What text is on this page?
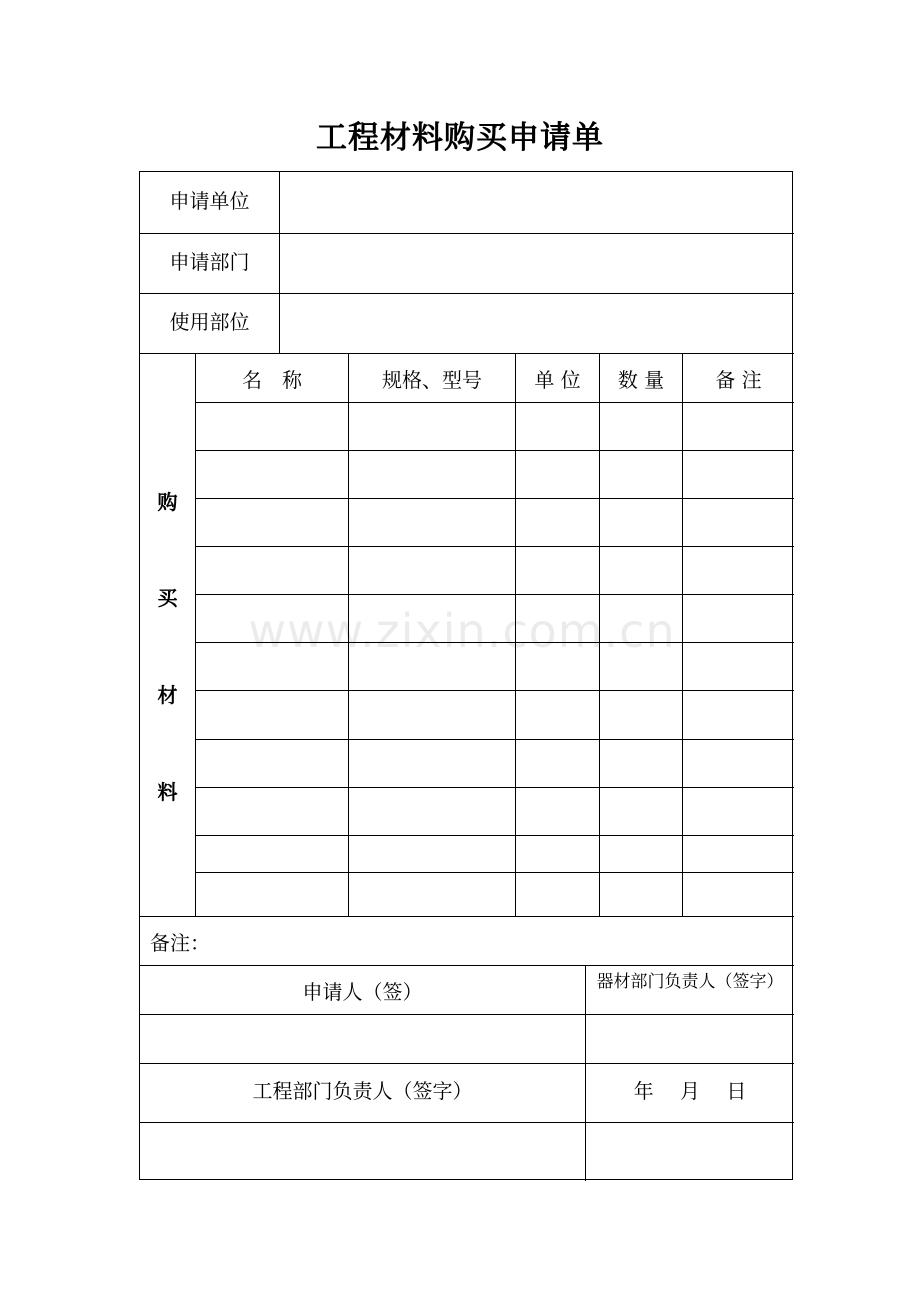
工程材料购买申请单
申请单位
申请部门
使用部位
购
买
材
料
名　称	规格、型号	单 位	数 量	备 注
备注：
申请人（签）	器材部门负责人（签字）
工程部门负责人（签字）	年　 月　 日
www.zixin.com.cn
